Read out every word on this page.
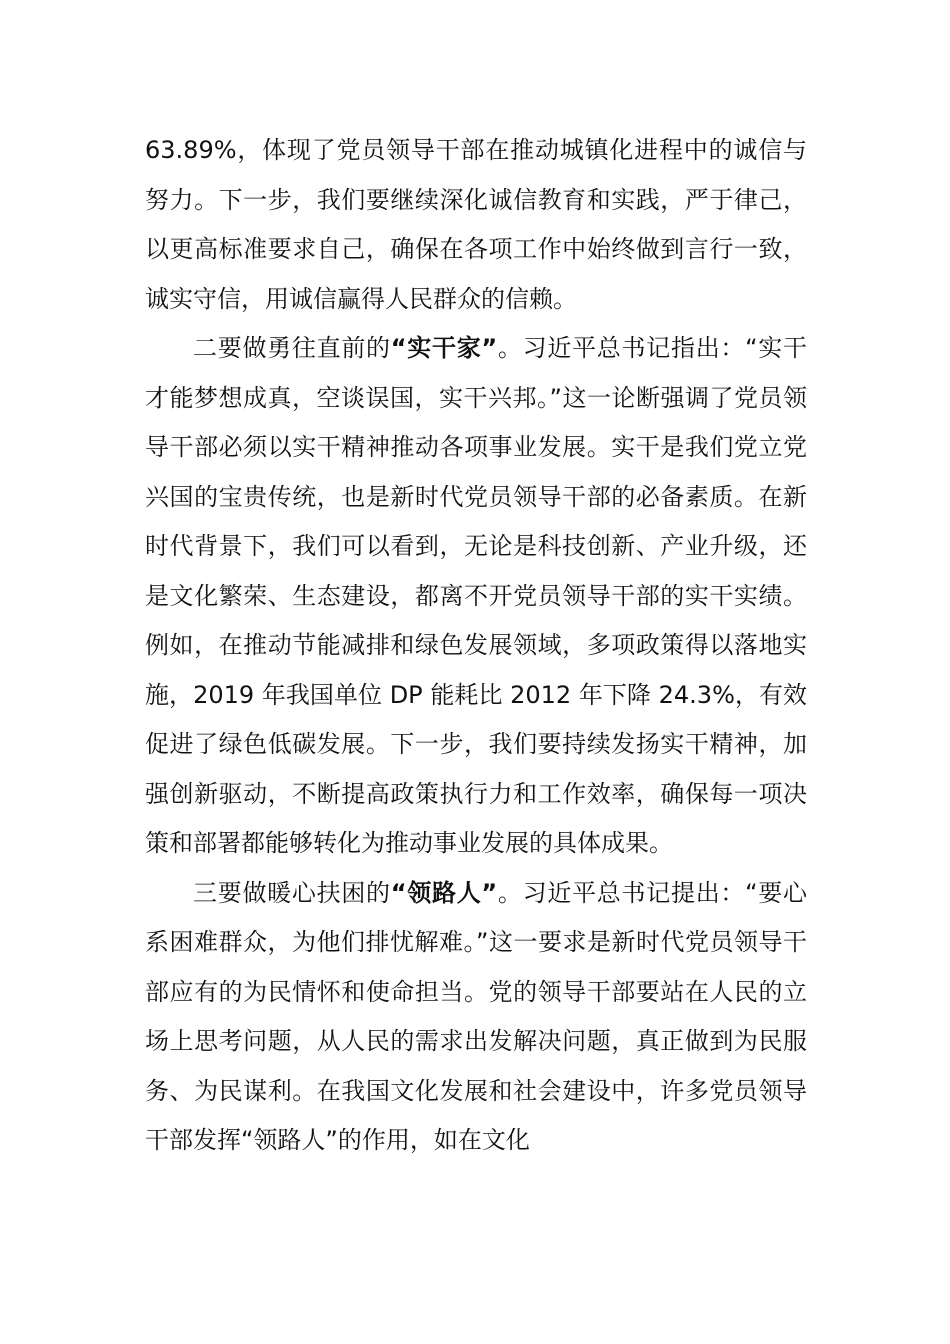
63.89%，体现了党员领导干部在推动城镇化进程中的诚信与努力。下一步，我们要继续深化诚信教育和实践，严于律己，以更高标准要求自己，确保在各项工作中始终做到言行一致，诚实守信，用诚信赢得人民群众的信赖。

二要做勇往直前的“实干家”。习近平总书记指出：“实干才能梦想成真，空谈误国，实干兴邦。”这一论断强调了党员领导干部必须以实干精神推动各项事业发展。实干是我们党立党兴国的宝贵传统，也是新时代党员领导干部的必备素质。在新时代背景下，我们可以看到，无论是科技创新、产业升级，还是文化繁荣、生态建设，都离不开党员领导干部的实干实绩。例如，在推动节能减排和绿色发展领域，多项政策得以落地实施，2019 年我国单位 DP 能耗比 2012 年下降 24.3%，有效促进了绿色低碳发展。下一步，我们要持续发扬实干精神，加强创新驱动，不断提高政策执行力和工作效率，确保每一项决策和部署都能够转化为推动事业发展的具体成果。

三要做暖心扶困的“领路人”。习近平总书记提出：“要心系困难群众，为他们排忧解难。”这一要求是新时代党员领导干部应有的为民情怀和使命担当。党的领导干部要站在人民的立场上思考问题，从人民的需求出发解决问题，真正做到为民服务、为民谋利。在我国文化发展和社会建设中，许多党员领导干部发挥“领路人”的作用，如在文化
